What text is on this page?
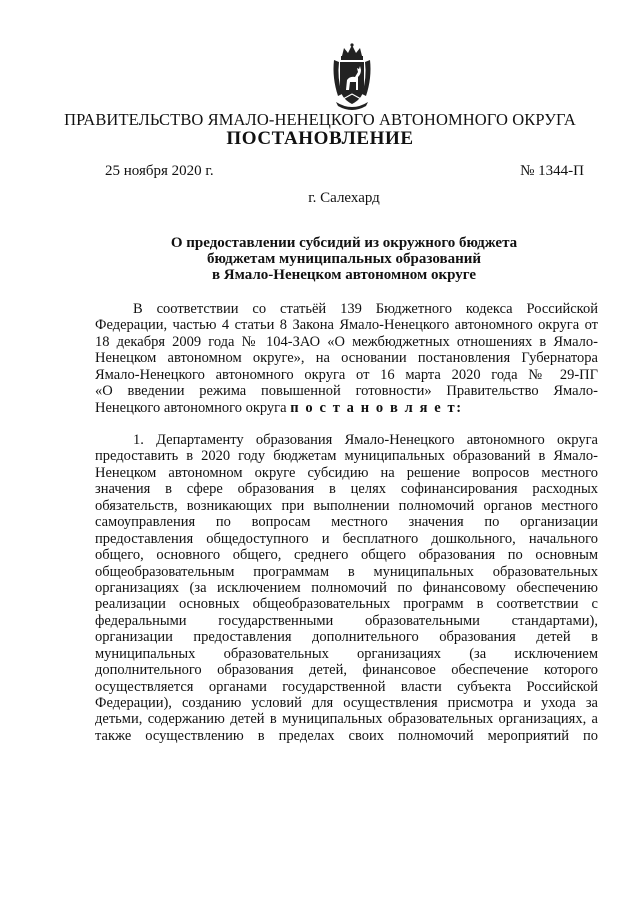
ПРАВИТЕЛЬСТВО ЯМАЛО-НЕНЕЦКОГО АВТОНОМНОГО ОКРУГА
ПОСТАНОВЛЕНИЕ
25 ноября 2020 г.	№ 1344-П
г. Салехард
О предоставлении субсидий из окружного бюджета
бюджетам муниципальных образований
в Ямало-Ненецком автономном округе
В соответствии со статьёй 139 Бюджетного кодекса Российской
Федерации, частью 4 статьи 8 Закона Ямало-Ненецкого автономного округа от
18 декабря 2009 года № 104-ЗАО «О межбюджетных отношениях в Ямало-
Ненецком автономном округе», на основании постановления Губернатора
Ямало-Ненецкого автономного округа от 16 марта 2020 года № 29-ПГ
«О введении режима повышенной готовности» Правительство Ямало-
Ненецкого автономного округа п о с т а н о в л я е т:
1. Департаменту образования Ямало-Ненецкого автономного округа
предоставить в 2020 году бюджетам муниципальных образований в Ямало-
Ненецком автономном округе субсидию на решение вопросов местного
значения в сфере образования в целях софинансирования расходных
обязательств, возникающих при выполнении полномочий органов местного
самоуправления по вопросам местного значения по организации
предоставления общедоступного и бесплатного дошкольного, начального
общего, основного общего, среднего общего образования по основным
общеобразовательным программам в муниципальных образовательных
организациях (за исключением полномочий по финансовому обеспечению
реализации основных общеобразовательных программ в соответствии с
федеральными государственными образовательными стандартами),
организации предоставления дополнительного образования детей в
муниципальных образовательных организациях (за исключением
дополнительного образования детей, финансовое обеспечение которого
осуществляется органами государственной власти субъекта Российской
Федерации), созданию условий для осуществления присмотра и ухода за
детьми, содержанию детей в муниципальных образовательных организациях, а
также осуществлению в пределах своих полномочий мероприятий по
